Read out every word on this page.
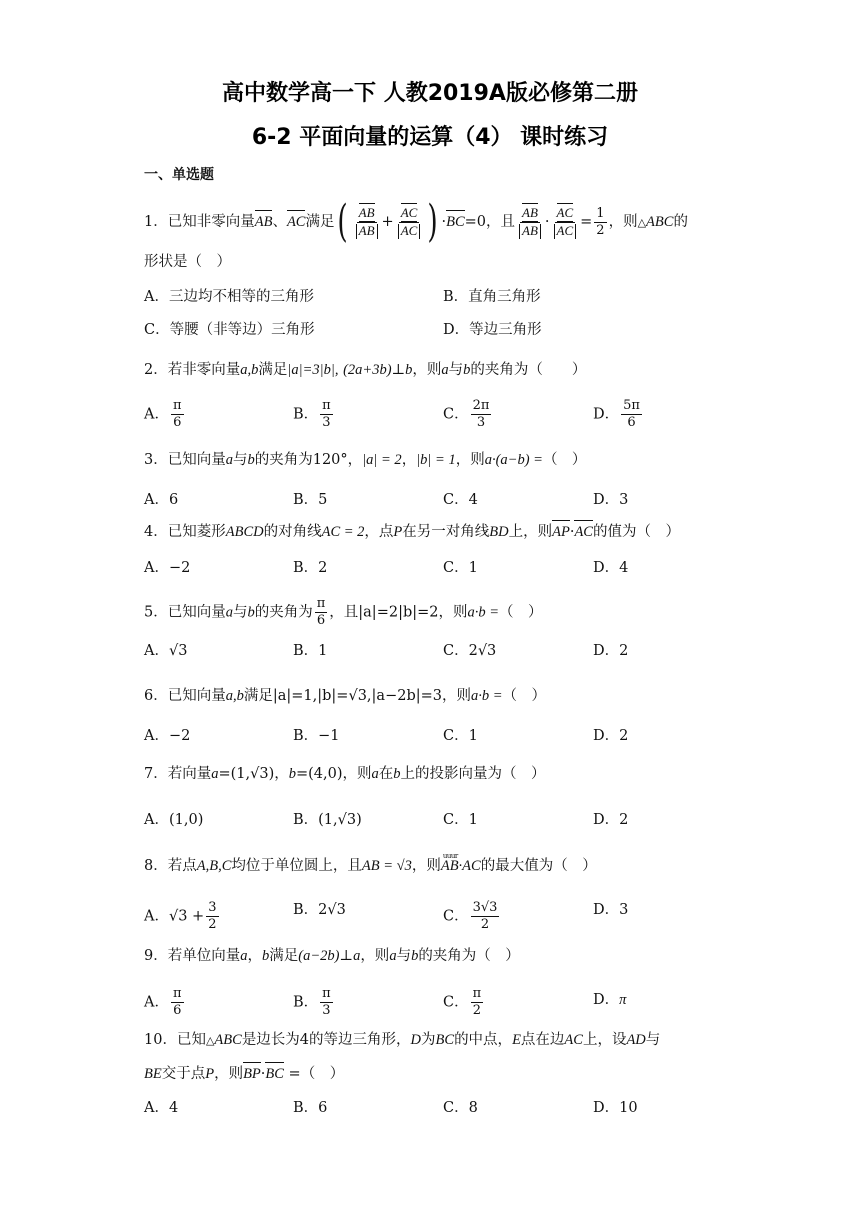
高中数学高一下 人教2019A版必修第二册
6-2 平面向量的运算（4） 课时练习
一、单选题
1．已知非零向量AB、AC满足( $\frac{AB}{AB} + \frac{AC}{AC}$ ) ·BC=0，且 $\frac{AB}{AB} \cdot \frac{AC}{AC} = \frac{1}{2}$ ，则△ABC的
形状是（　）
A．三边均不相等的三角形	B．直角三角形
C．等腰（非等边）三角形	D．等边三角形
2．若非零向量a,b满足|a|=3|b|, (2a+3b)⊥b，则a与b的夹角为（　　）
A． $\frac{\pi}{6}$	B． $\frac{\pi}{3}$	C． $\frac{2\pi}{3}$	D． $\frac{5\pi}{6}$
3．已知向量a与b的夹角为120°，|a| = 2，|b| = 1，则a·(a−b) =（　）
A．6	B．5	C．4	D．3
4．已知菱形ABCD的对角线AC = 2，点P在另一对角线BD上，则AP·AC的值为（　）
A．−2	B．2	C．1	D．4
5．已知向量a与b的夹角为 $\frac{\pi}{6}$ ，且|a|=2|b|=2，则a·b =（　）
A．√3	B．1	C．2√3	D．2
6．已知向量a,b满足|a|=1,|b|=√3,|a−2b|=3，则a·b =（　）
A．−2	B．−1	C．1	D．2
7．若向量a=(1,√3)，b=(4,0)，则a在b上的投影向量为（　）
A．(1,0)	B．(1,√3)	C．1	D．2
8．若点A,B,C均位于单位圆上，且AB = √3，则
uuur
AB·AC的最大值为（　）
A．$√3 + \frac{3}{2}$	B．2√3	C． $\frac{3√3}{2}$	D．3
9．若单位向量a，b满足(a−2b)⊥a，则a与b的夹角为（　）
A． $\frac{\pi}{6}$	B． $\frac{\pi}{3}$	C． $\frac{\pi}{2}$	D．π
10．已知△ABC是边长为4的等边三角形，D为BC的中点，E点在边AC上，设AD与
BE交于点P，则BP·BC =（　）
A．4	B．6	C．8	D．10
